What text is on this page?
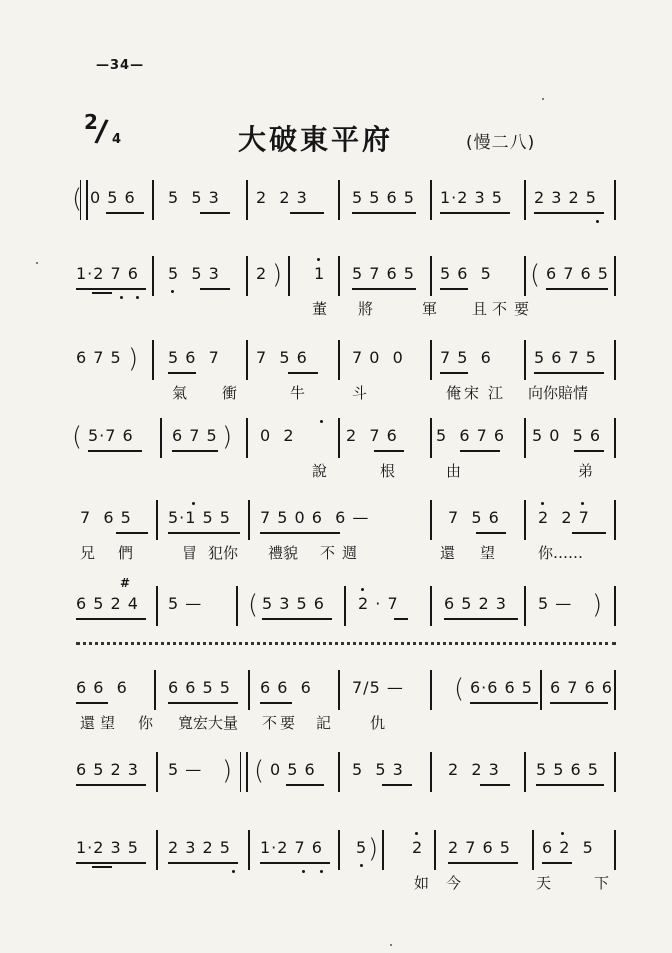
—34—
2
/ 4	大破東平府	(慢二八)
( 0 5 6 5  5 3 2  2 3	5 5 6 5 1·2 3 5 2 3 2 5
1·2 7 6 5  5 3 2 ) 1 5 7 6 5 5 6  5 ( 6 7 6 5
董 將	軍 且 不 要
6 7 5 ) 5 6  7 7  5 6	7 0  0 7 5  6	5 6 7 5
氣 衝	牛	斗	俺 宋 江 向你賠情
( 5·7 6 6 7 5 ) 0  2	2  7 6 5  6 7 6 5 0  5 6
說	根	由	弟
7  6 5 5·1 5 5 7 5 0 6  6 —	7  5 6 2  2 7
兄 們	冒 犯你 禮貌 不 週	還 望	你……
#
6 5 2 4 5 — ( 5 3 5 6 2 · 7	6 5 2 3 5 — )
6 6  6	6 6 5 5 6 6  6	7/5 — ( 6·6 6 5 6 7 6 6
還 望 你 寬宏大量 不 要 記	仇
6 5 2 3 5 — ) ( 0 5 6 5  5 3	2  2 3 5 5 6 5
1·2 3 5 2 3 2 5 1·2 7 6 5 ) 2 2 7 6 5 6 2  5
如 今	天	下
